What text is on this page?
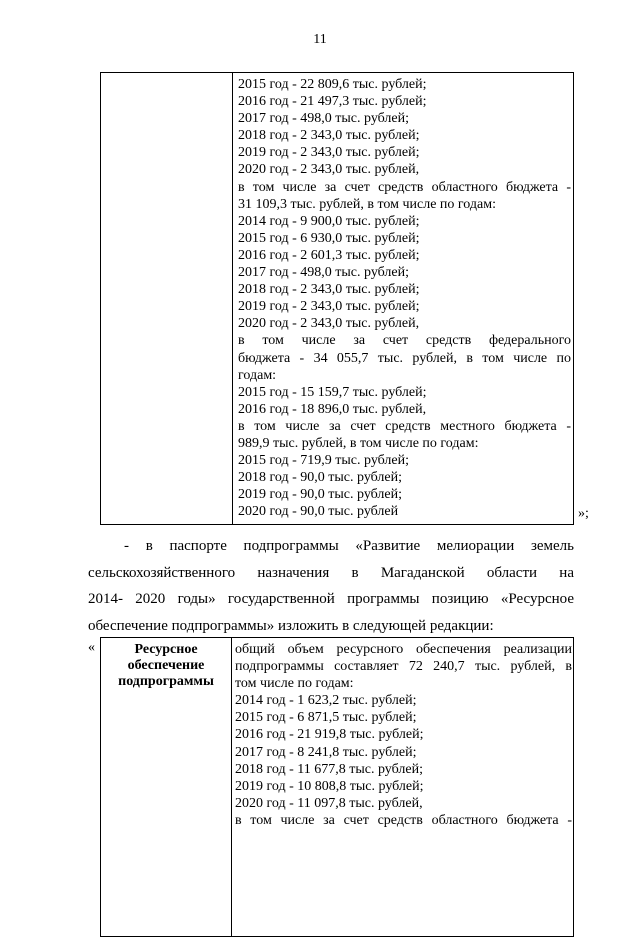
11
2015 год - 22 809,6 тыс. рублей;
2016 год - 21 497,3 тыс. рублей;
2017 год - 498,0 тыс. рублей;
2018 год - 2 343,0 тыс. рублей;
2019 год - 2 343,0 тыс. рублей;
2020 год - 2 343,0 тыс. рублей,
в том числе за счет средств областного бюджета -
31 109,3 тыс. рублей, в том числе по годам:
2014 год - 9 900,0 тыс. рублей;
2015 год - 6 930,0 тыс. рублей;
2016 год - 2 601,3 тыс. рублей;
2017 год - 498,0 тыс. рублей;
2018 год - 2 343,0 тыс. рублей;
2019 год - 2 343,0 тыс. рублей;
2020 год - 2 343,0 тыс. рублей,
в том числе за счет средств федерального
бюджета - 34 055,7 тыс. рублей, в том числе по
годам:
2015 год - 15 159,7 тыс. рублей;
2016 год - 18 896,0 тыс. рублей,
в том числе за счет средств местного бюджета -
989,9 тыс. рублей, в том числе по годам:
2015 год - 719,9 тыс. рублей;
2018 год - 90,0 тыс. рублей;
2019 год - 90,0 тыс. рублей;
2020 год - 90,0 тыс. рублей	»;
- в паспорте подпрограммы «Развитие мелиорации земель
сельскохозяйственного назначения в Магаданской области на
2014- 2020 годы» государственной программы позицию «Ресурсное
обеспечение подпрограммы» изложить в следующей редакции:
«	Ресурсное
обеспечение
подпрограммы
общий объем ресурсного обеспечения реализации
подпрограммы составляет 72 240,7 тыс. рублей, в
том числе по годам:
2014 год - 1 623,2 тыс. рублей;
2015 год - 6 871,5 тыс. рублей;
2016 год - 21 919,8 тыс. рублей;
2017 год - 8 241,8 тыс. рублей;
2018 год - 11 677,8 тыс. рублей;
2019 год - 10 808,8 тыс. рублей;
2020 год - 11 097,8 тыс. рублей,
в том числе за счет средств областного бюджета -
